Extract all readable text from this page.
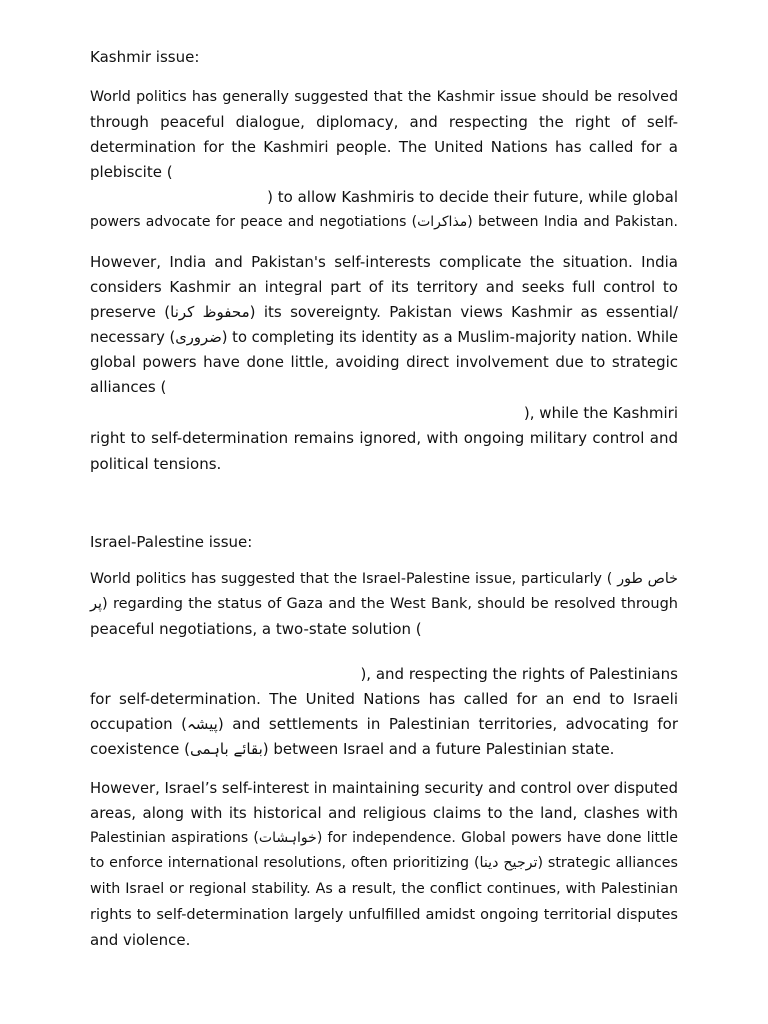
Kashmir issue:
World politics has generally suggested that the Kashmir issue should be resolved
through peaceful dialogue, diplomacy, and respecting the right of self-
determination for the Kashmiri people. The United Nations has called for a
plebiscite (
) to allow Kashmiris to decide their future, while global
powers advocate for peace and negotiations (مذاکرات) between India and Pakistan.
However, India and Pakistan's self-interests complicate the situation. India
considers Kashmir an integral part of its territory and seeks full control to
preserve (محفوظ کرنا) its sovereignty. Pakistan views Kashmir as essential/
necessary (ضروری) to completing its identity as a Muslim-majority nation. While
global powers have done little, avoiding direct involvement due to strategic
alliances (
), while the Kashmiri
right to self-determination remains ignored, with ongoing military control and
political tensions.
Israel-Palestine issue:
World politics has suggested that the Israel-Palestine issue, particularly ( خاص طور
پر) regarding the status of Gaza and the West Bank, should be resolved through
peaceful negotiations, a two-state solution (
), and respecting the rights of Palestinians
for self-determination. The United Nations has called for an end to Israeli
occupation (پیشہ) and settlements in Palestinian territories, advocating for
coexistence (بقائے باہمی) between Israel and a future Palestinian state.
However, Israel’s self-interest in maintaining security and control over disputed
areas, along with its historical and religious claims to the land, clashes with
Palestinian aspirations (خواہشات) for independence. Global powers have done little
to enforce international resolutions, often prioritizing (ترجیح دینا) strategic alliances
with Israel or regional stability. As a result, the conflict continues, with Palestinian
rights to self-determination largely unfulfilled amidst ongoing territorial disputes
and violence.
